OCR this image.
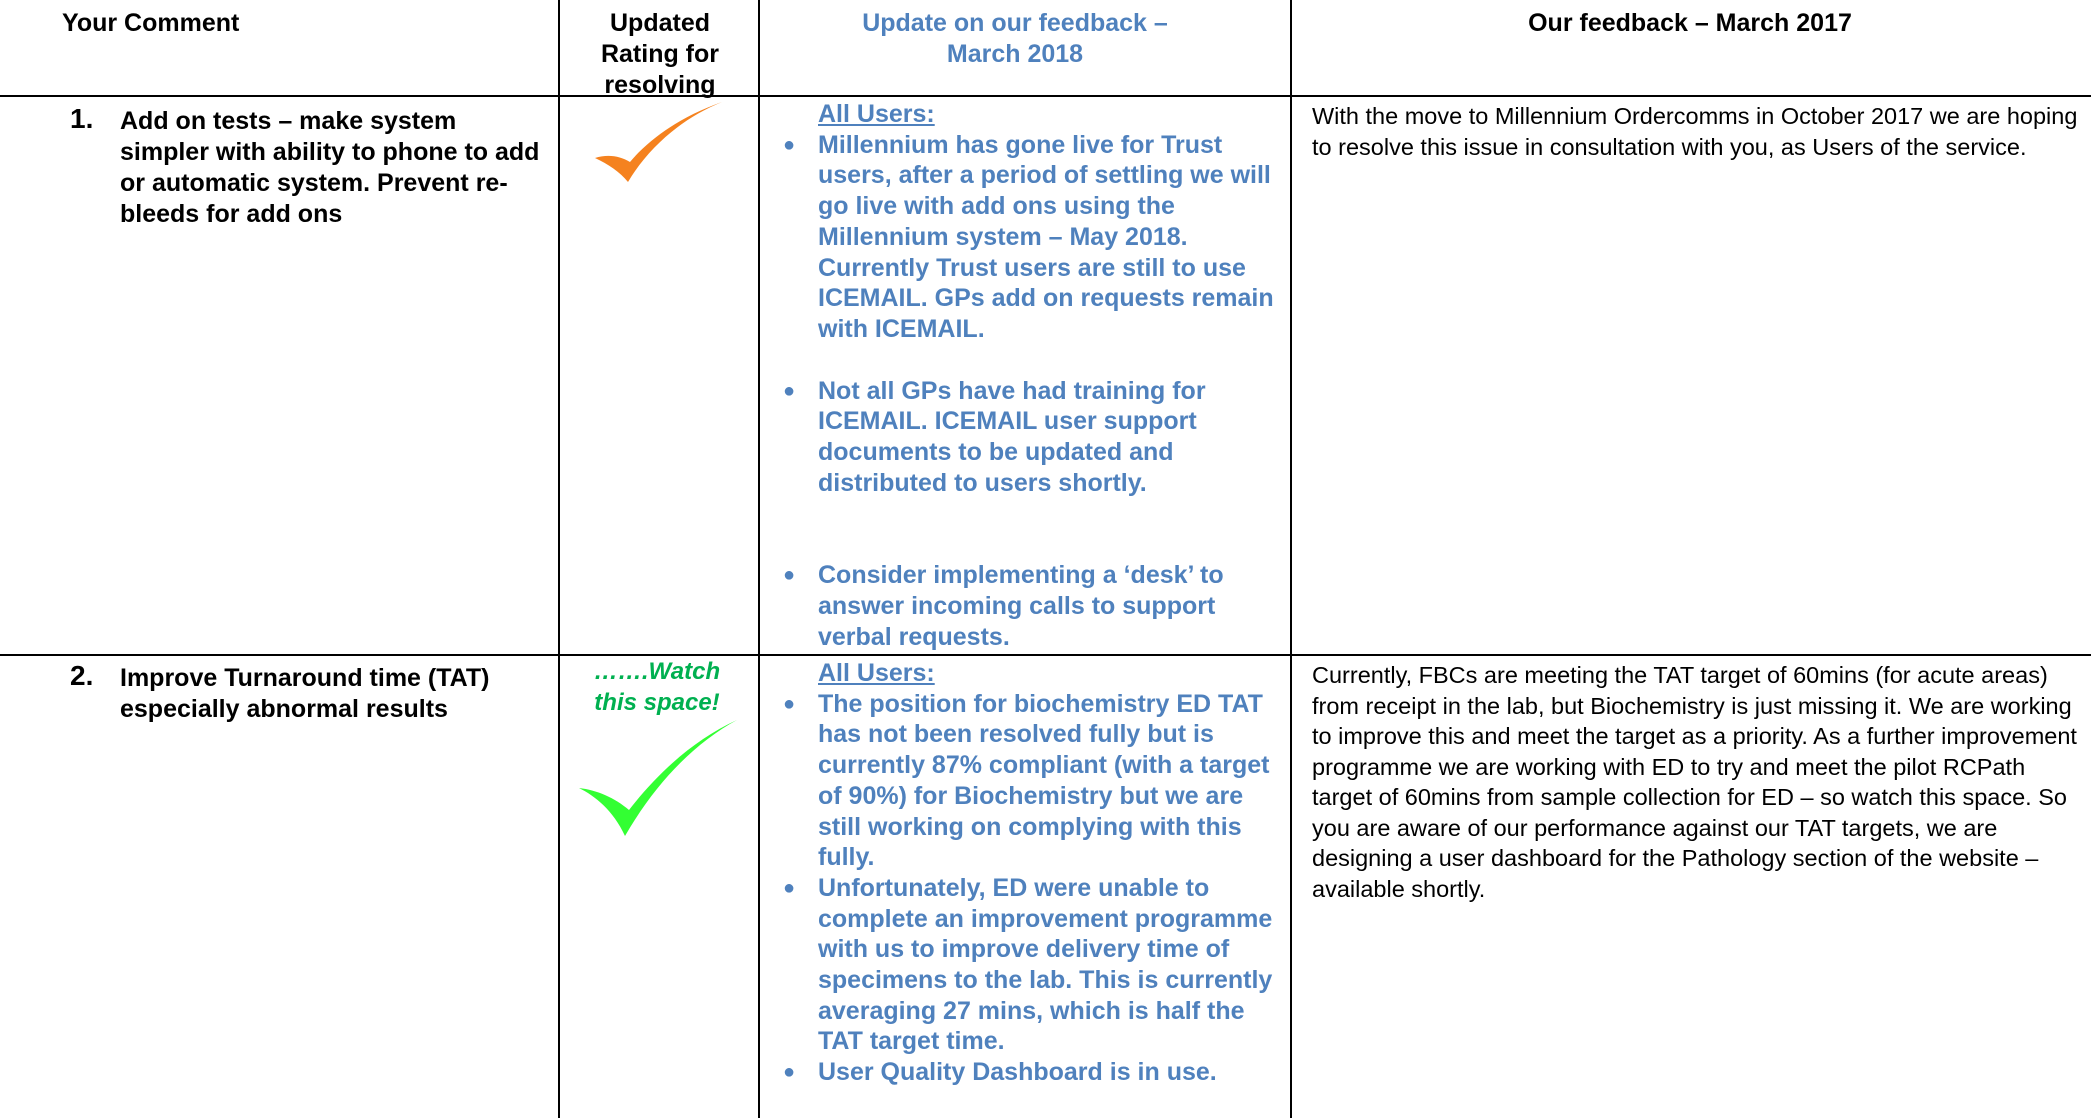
Your Comment	Updated Rating for resolving
Update on our feedback –
March 2018
Our feedback – March 2017
1. Add on tests – make system simpler with ability to phone to add or automatic system. Prevent re-bleeds for add ons
All Users:
● Millennium has gone live for Trust users, after a period of settling we will go live with add ons using the Millennium system – May 2018. Currently Trust users are still to use ICEMAIL. GPs add on requests remain with ICEMAIL.
● Not all GPs have had training for ICEMAIL. ICEMAIL user support documents to be updated and distributed to users shortly.
● Consider implementing a ‘desk’ to answer incoming calls to support verbal requests.
With the move to Millennium Ordercomms in October 2017 we are hoping to resolve this issue in consultation with you, as Users of the service.
2. Improve Turnaround time (TAT) especially abnormal results
…….Watch
this space!
All Users:
● The position for biochemistry ED TAT has not been resolved fully but is currently 87% compliant (with a target of 90%) for Biochemistry but we are still working on complying with this fully.
● Unfortunately, ED were unable to complete an improvement programme with us to improve delivery time of specimens to the lab. This is currently averaging 27 mins, which is half the TAT target time.
● User Quality Dashboard is in use.
Currently, FBCs are meeting the TAT target of 60mins (for acute areas) from receipt in the lab, but Biochemistry is just missing it. We are working to improve this and meet the target as a priority. As a further improvement programme we are working with ED to try and meet the pilot RCPath target of 60mins from sample collection for ED – so watch this space. So you are aware of our performance against our TAT targets, we are designing a user dashboard for the Pathology section of the website – available shortly.
